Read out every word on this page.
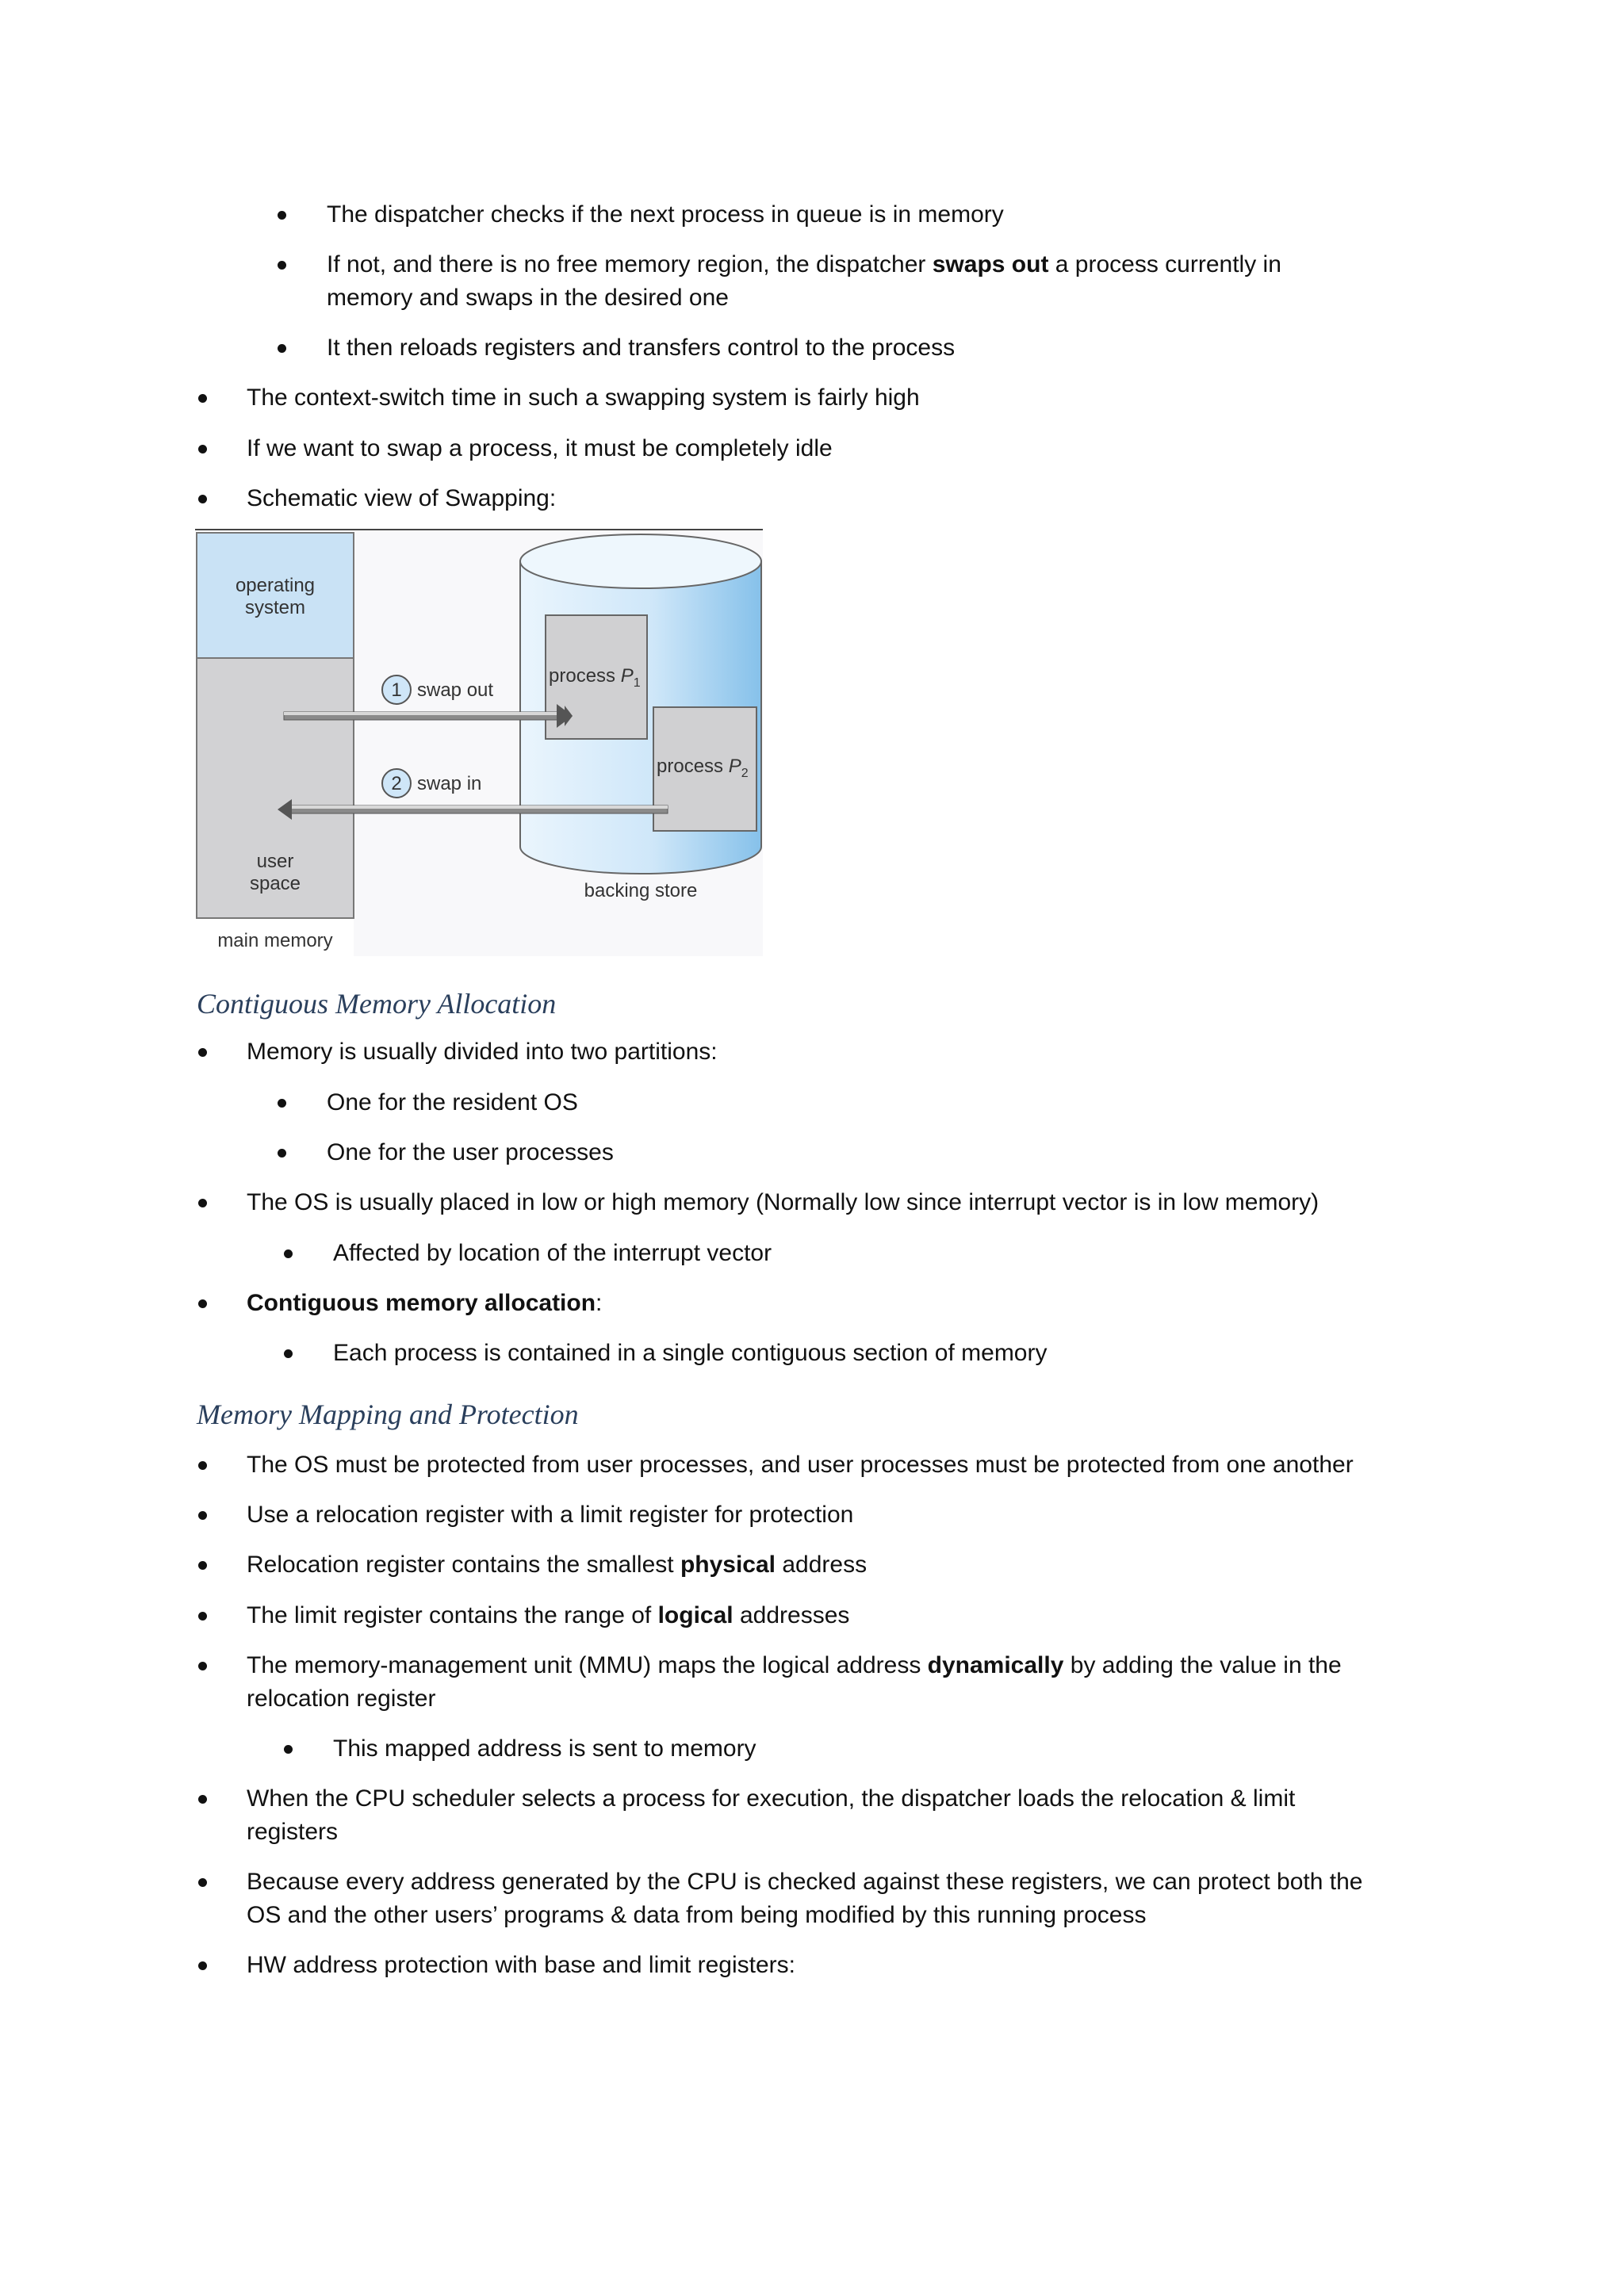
The dispatcher checks if the next process in queue is in memory
If not, and there is no free memory region, the dispatcher swaps out a process currently in
memory and swaps in the desired one
It then reloads registers and transfers control to the process
The context-switch time in such a swapping system is fairly high
If we want to swap a process, it must be completely idle
Schematic view of Swapping:
operating
system
user
space
main memory
backing store
process $P_1$
process $P_2$
1 swap out
2 swap in
Contiguous Memory Allocation
Memory is usually divided into two partitions:
One for the resident OS
One for the user processes
The OS is usually placed in low or high memory (Normally low since interrupt vector is in low memory)
Affected by location of the interrupt vector
Contiguous memory allocation:
Each process is contained in a single contiguous section of memory
Memory Mapping and Protection
The OS must be protected from user processes, and user processes must be protected from one another
Use a relocation register with a limit register for protection
Relocation register contains the smallest physical address
The limit register contains the range of logical addresses
The memory-management unit (MMU) maps the logical address dynamically by adding the value in the
relocation register
This mapped address is sent to memory
When the CPU scheduler selects a process for execution, the dispatcher loads the relocation & limit
registers
Because every address generated by the CPU is checked against these registers, we can protect both the
OS and the other users’ programs & data from being modified by this running process
HW address protection with base and limit registers:
